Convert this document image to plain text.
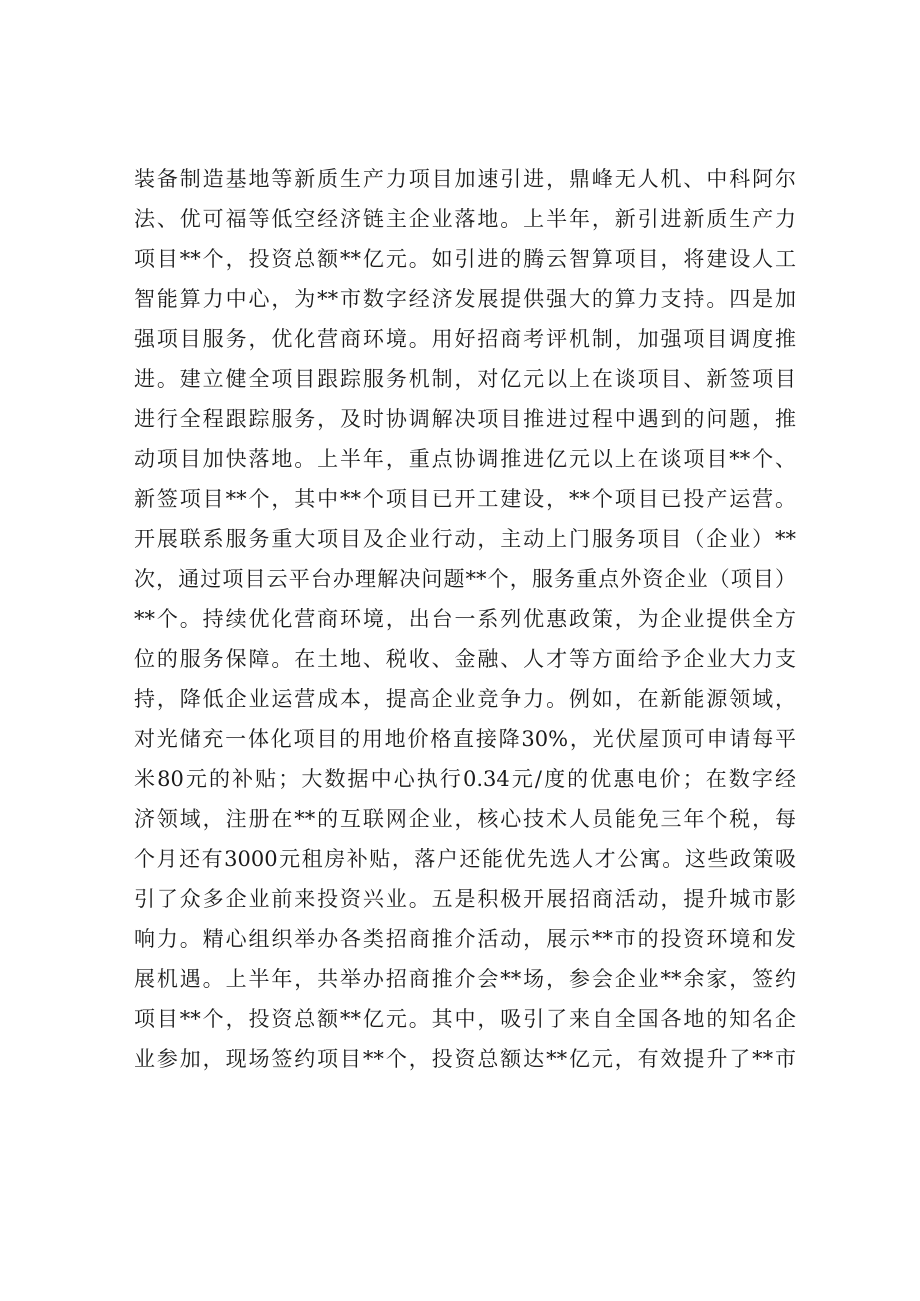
装备制造基地等新质生产力项目加速引进，鼎峰无人机、中科阿尔
法、优可福等低空经济链主企业落地。上半年，新引进新质生产力
项目**个，投资总额**亿元。如引进的腾云智算项目，将建设人工
智能算力中心，为**市数字经济发展提供强大的算力支持。四是加
强项目服务，优化营商环境。用好招商考评机制，加强项目调度推
进。建立健全项目跟踪服务机制，对亿元以上在谈项目、新签项目
进行全程跟踪服务，及时协调解决项目推进过程中遇到的问题，推
动项目加快落地。上半年，重点协调推进亿元以上在谈项目**个、
新签项目**个，其中**个项目已开工建设，**个项目已投产运营。
开展联系服务重大项目及企业行动，主动上门服务项目（企业）**
次，通过项目云平台办理解决问题**个，服务重点外资企业（项目）
**个。持续优化营商环境，出台一系列优惠政策，为企业提供全方
位的服务保障。在土地、税收、金融、人才等方面给予企业大力支
持，降低企业运营成本，提高企业竞争力。例如，在新能源领域，
对光储充一体化项目的用地价格直接降30%，光伏屋顶可申请每平
米80元的补贴；大数据中心执行0.34元/度的优惠电价；在数字经
济领域，注册在**的互联网企业，核心技术人员能免三年个税，每
个月还有3000元租房补贴，落户还能优先选人才公寓。这些政策吸
引了众多企业前来投资兴业。五是积极开展招商活动，提升城市影
响力。精心组织举办各类招商推介活动，展示**市的投资环境和发
展机遇。上半年，共举办招商推介会**场，参会企业**余家，签约
项目**个，投资总额**亿元。其中，吸引了来自全国各地的知名企
业参加，现场签约项目**个，投资总额达**亿元，有效提升了**市
